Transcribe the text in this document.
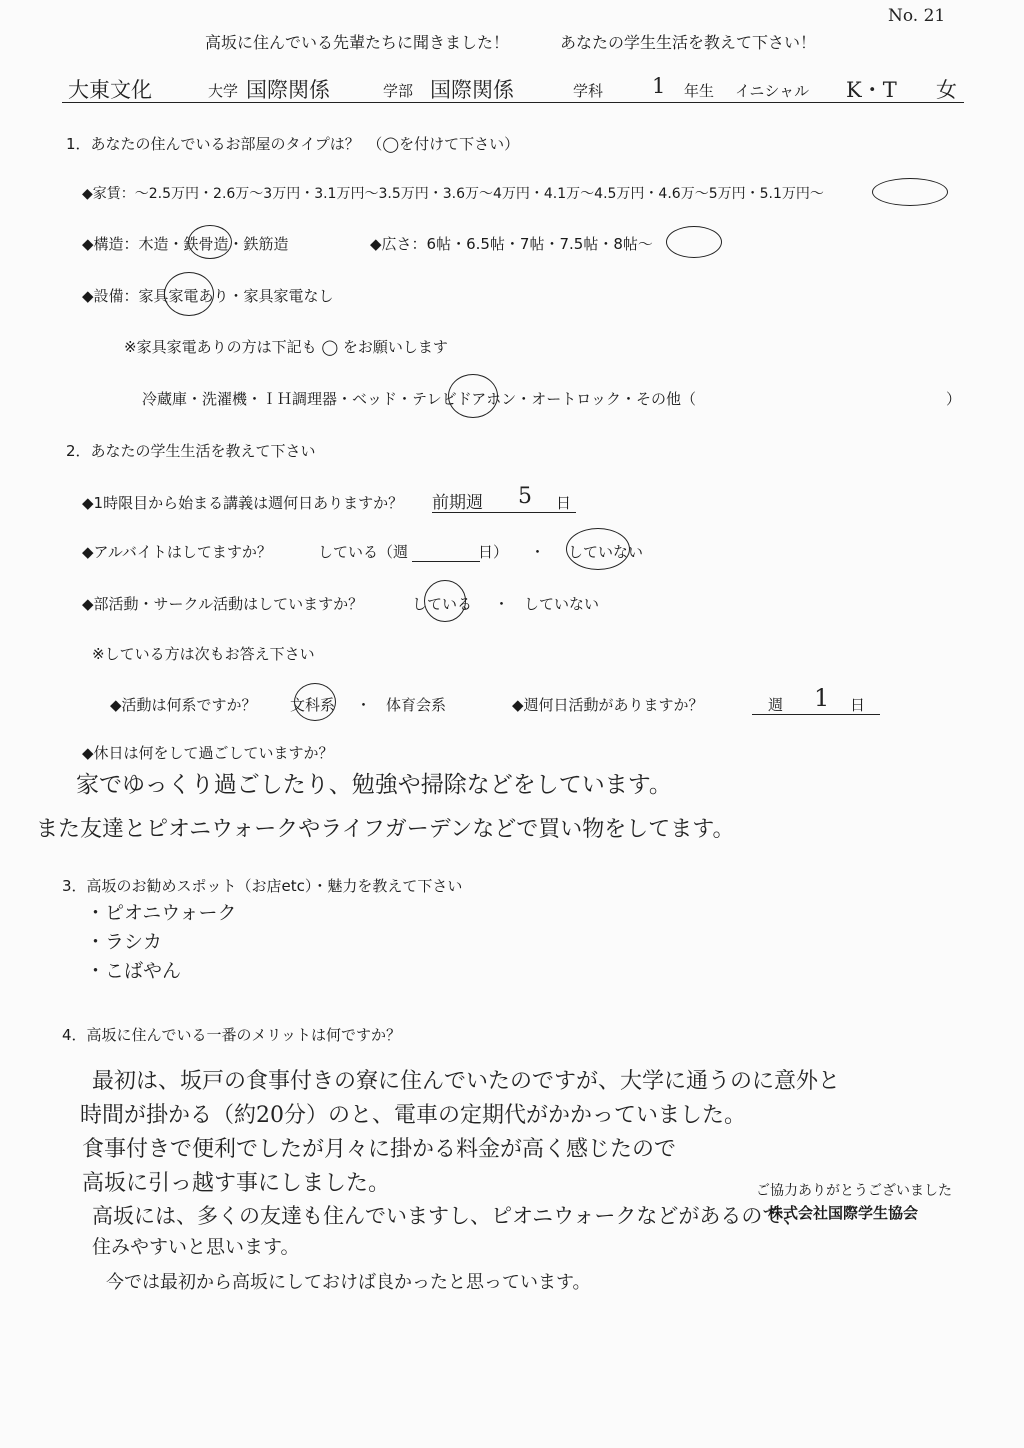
No. 21
高坂に住んでいる先輩たちに聞きました！	あなたの学生生活を教えて下さい！
大東文化	大学 国際関係	学部 国際関係	学科 1 年生 イニシャル K・T 女
1．あなたの住んでいるお部屋のタイプは？　（◯を付けて下さい）
◆家賃：～2.5万円・2.6万～3万円・3.1万円～3.5万円・3.6万～4万円・4.1万～4.5万円・4.6万～5万円・5.1万円～
◆構造：木造・鉄骨造・鉄筋造	◆広さ：6帖・6.5帖・7帖・7.5帖・8帖～
◆設備：家具家電あり・家具家電なし
※家具家電ありの方は下記も ◯ をお願いします
冷蔵庫・洗濯機・ＩＨ調理器・ベッド・テレビドアホン・オートロック・その他（	）
2．あなたの学生生活を教えて下さい
◆1時限目から始まる講義は週何日ありますか？ 前期週 5 日
◆アルバイトはしてますか？	している（週	日） ・ していない
◆部活動・サークル活動はしていますか？	している ・ していない
※している方は次もお答え下さい
◆活動は何系ですか？ 文科系 ・ 体育会系	◆週何日活動がありますか？	週 1 日
◆休日は何をして過ごしていますか？
家でゆっくり過ごしたり、勉強や掃除などをしています。
また友達とピオニウォークやライフガーデンなどで買い物をしてます。
3．高坂のお勧めスポット（お店etc）・魅力を教えて下さい
・ピオニウォーク
・ラシカ
・こばやん
4．高坂に住んでいる一番のメリットは何ですか？
最初は、坂戸の食事付きの寮に住んでいたのですが、大学に通うのに意外と
時間が掛かる（約20分）のと、電車の定期代がかかっていました。
食事付きで便利でしたが月々に掛かる料金が高く感じたので
高坂に引っ越す事にしました。
高坂には、多くの友達も住んでいますし、ピオニウォークなどがあるので、
住みやすいと思います。
今では最初から高坂にしておけば良かったと思っています。
ご協力ありがとうございました
株式会社国際学生協会
